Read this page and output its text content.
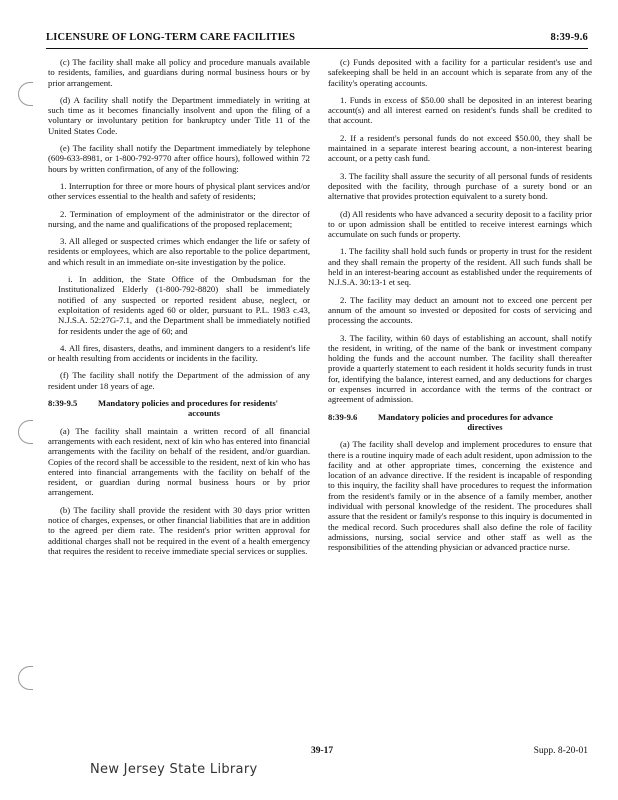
LICENSURE OF LONG-TERM CARE FACILITIES	8:39-9.6

(c) The facility shall make all policy and procedure manuals available to residents, families, and guardians during normal business hours or by prior arrangement.

(d) A facility shall notify the Department immediately in writing at such time as it becomes financially insolvent and upon the filing of a voluntary or involuntary petition for bankruptcy under Title 11 of the United States Code.

(e) The facility shall notify the Department immediately by telephone (609-633-8981, or 1-800-792-9770 after office hours), followed within 72 hours by written confirmation, of any of the following:

1. Interruption for three or more hours of physical plant services and/or other services essential to the health and safety of residents;

2. Termination of employment of the administrator or the director of nursing, and the name and qualifications of the proposed replacement;

3. All alleged or suspected crimes which endanger the life or safety of residents or employees, which are also reportable to the police department, and which result in an immediate on-site investigation by the police.

i. In addition, the State Office of the Ombudsman for the Institutionalized Elderly (1-800-792-8820) shall be immediately notified of any suspected or reported resident abuse, neglect, or exploitation of residents aged 60 or older, pursuant to P.L. 1983 c.43, N.J.S.A. 52:27G-7.1, and the Department shall be immediately notified for residents under the age of 60; and

4. All fires, disasters, deaths, and imminent dangers to a resident's life or health resulting from accidents or incidents in the facility.

(f) The facility shall notify the Department of the admission of any resident under 18 years of age.

8:39-9.5	Mandatory policies and procedures for residents'
accounts

(a) The facility shall maintain a written record of all financial arrangements with each resident, next of kin who has entered into financial arrangements with the facility on behalf of the resident, and/or guardian. Copies of the record shall be accessible to the resident, next of kin who has entered into financial arrangements with the facility on behalf of the resident, or guardian during normal business hours or by prior arrangement.

(b) The facility shall provide the resident with 30 days prior written notice of charges, expenses, or other financial liabilities that are in addition to the agreed per diem rate. The resident's prior written approval for additional charges shall not be required in the event of a health emergency that requires the resident to receive immediate special services or supplies.

(c) Funds deposited with a facility for a particular resident's use and safekeeping shall be held in an account which is separate from any of the facility's operating accounts.

1. Funds in excess of $50.00 shall be deposited in an interest bearing account(s) and all interest earned on resident's funds shall be credited to that account.

2. If a resident's personal funds do not exceed $50.00, they shall be maintained in a separate interest bearing account, a non-interest bearing account, or a petty cash fund.

3. The facility shall assure the security of all personal funds of residents deposited with the facility, through purchase of a surety bond or an alternative that provides protection equivalent to a surety bond.

(d) All residents who have advanced a security deposit to a facility prior to or upon admission shall be entitled to receive interest earnings which accumulate on such funds or property.

1. The facility shall hold such funds or property in trust for the resident and they shall remain the property of the resident. All such funds shall be held in an interest-bearing account as established under the requirements of N.J.S.A. 30:13-1 et seq.

2. The facility may deduct an amount not to exceed one percent per annum of the amount so invested or deposited for costs of servicing and processing the accounts.

3. The facility, within 60 days of establishing an account, shall notify the resident, in writing, of the name of the bank or investment company holding the funds and the account number. The facility shall thereafter provide a quarterly statement to each resident it holds security funds in trust for, identifying the balance, interest earned, and any deductions for charges or expenses incurred in accordance with the terms of the contract or agreement of admission.

8:39-9.6	Mandatory policies and procedures for advance
directives

(a) The facility shall develop and implement procedures to ensure that there is a routine inquiry made of each adult resident, upon admission to the facility and at other appropriate times, concerning the existence and location of an advance directive. If the resident is incapable of responding to this inquiry, the facility shall have procedures to request the information from the resident's family or in the absence of a family member, another individual with personal knowledge of the resident. The procedures shall assure that the resident or family's response to this inquiry is documented in the medical record. Such procedures shall also define the role of facility admissions, nursing, social service and other staff as well as the responsibilities of the attending physician or advanced practice nurse.

39-17	Supp. 8-20-01
New Jersey State Library
